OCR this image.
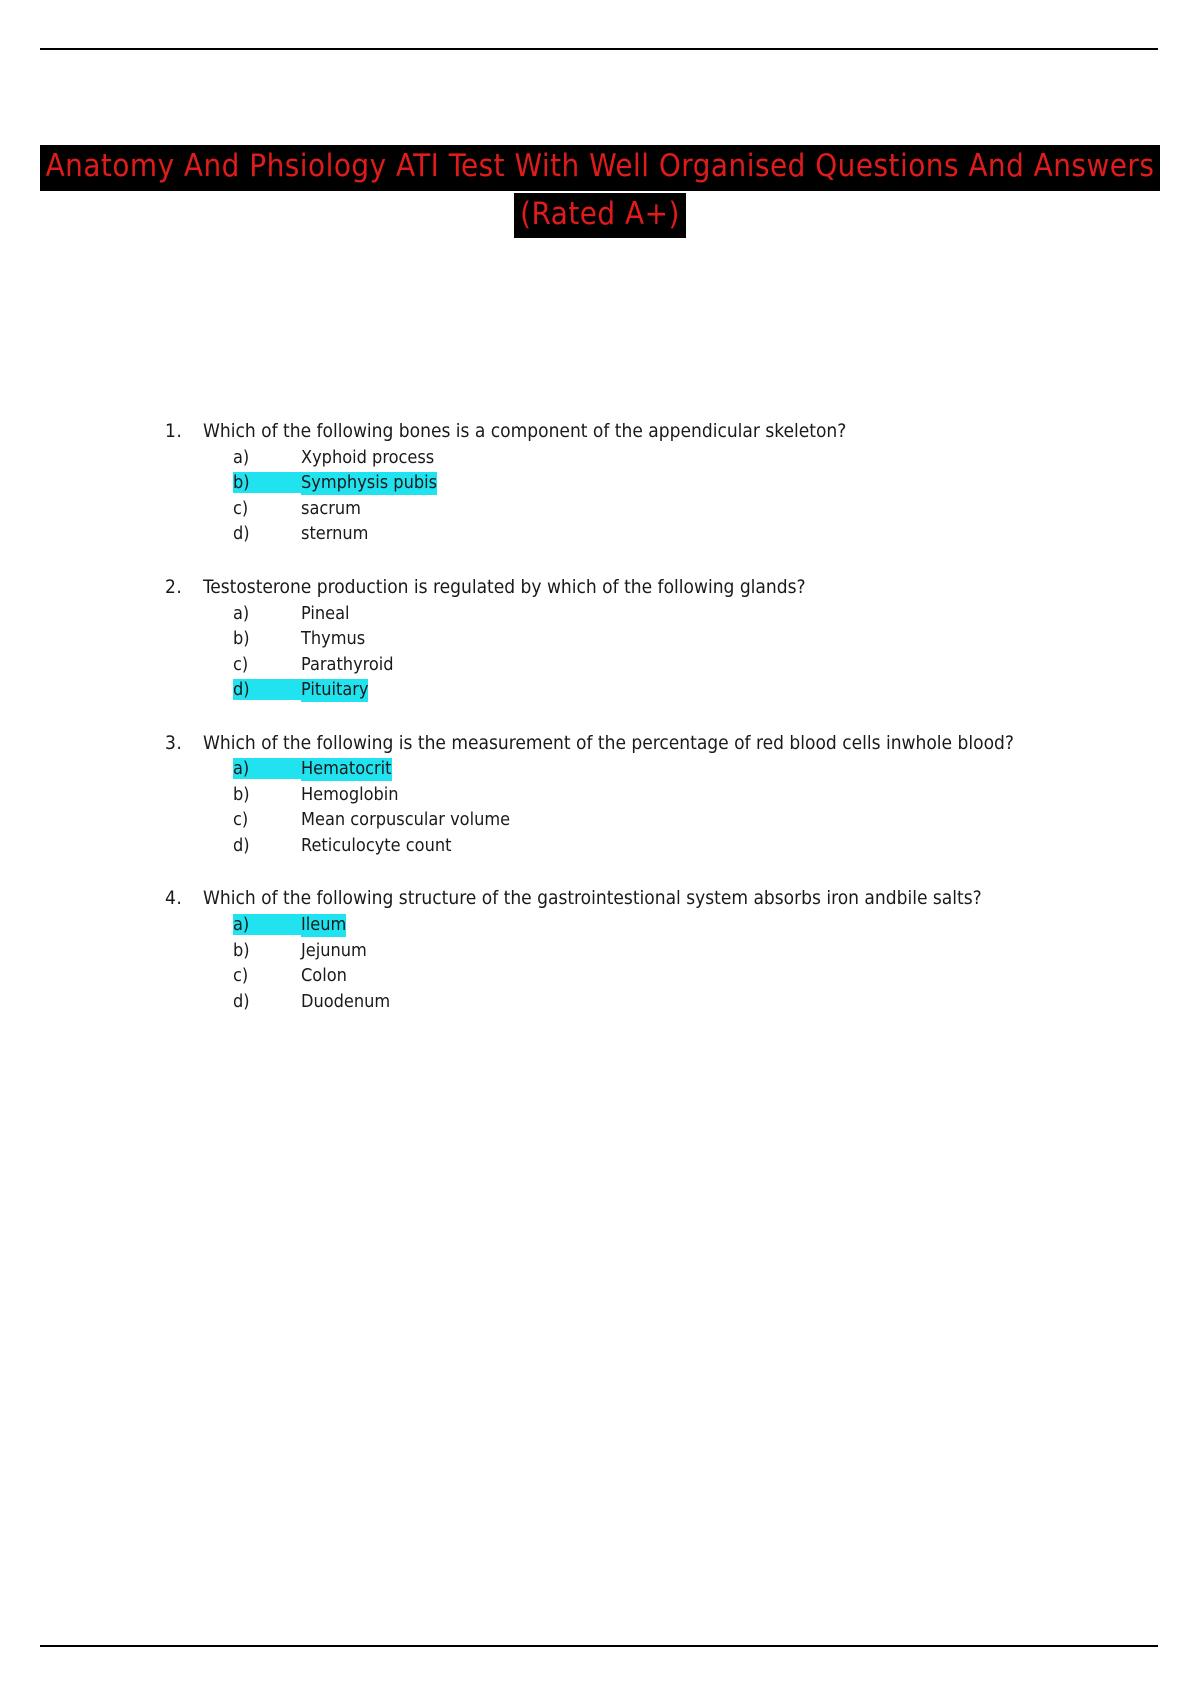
Anatomy And Phsiology ATI Test With Well Organised Questions And Answers (Rated A+)
1.	Which of the following bones is a component of the appendicular skeleton?
a)	Xyphoid process
b)	Symphysis pubis
c)	sacrum
d)	sternum
2.	Testosterone production is regulated by which of the following glands?
a)	Pineal
b)	Thymus
c)	Parathyroid
d)	Pituitary
3.	Which of the following is the measurement of the percentage of red blood cells inwhole blood?
a)	Hematocrit
b)	Hemoglobin
c)	Mean corpuscular volume
d)	Reticulocyte count
4.	Which of the following structure of the gastrointestional system absorbs iron andbile salts?
a)	Ileum
b)	Jejunum
c)	Colon
d)	Duodenum
